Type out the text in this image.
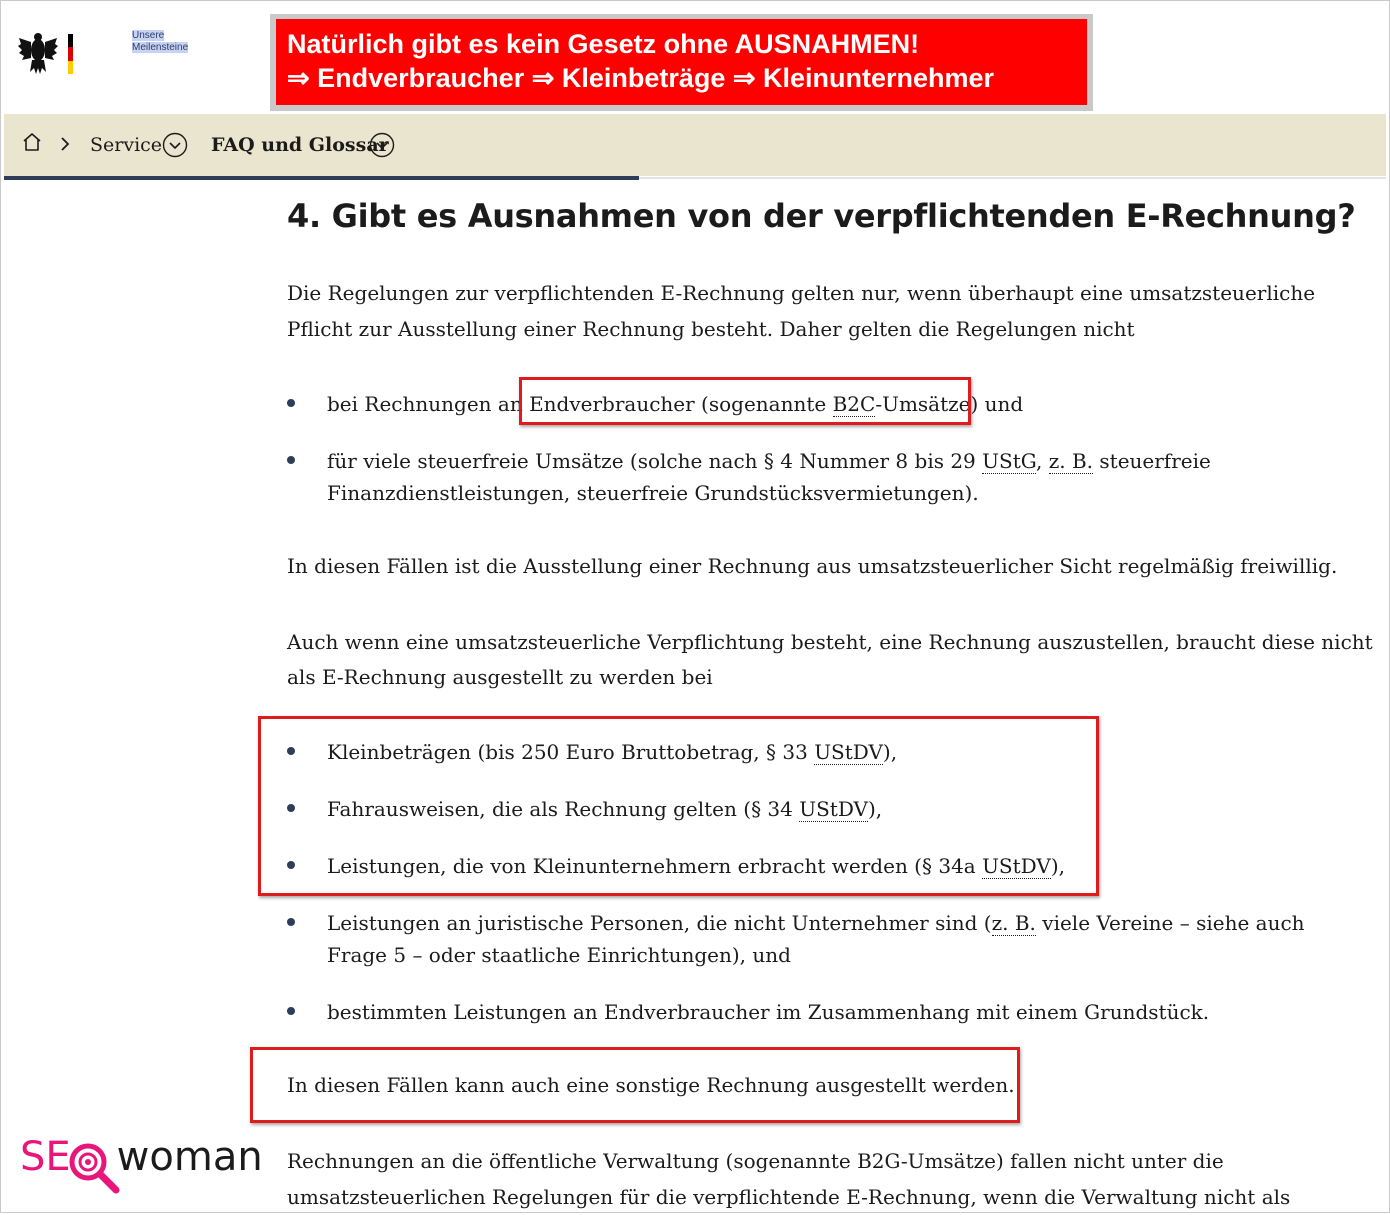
Unsere
Meilensteine	Natürlich gibt es kein Gesetz ohne AUSNAHMEN!
⇒ Endverbraucher ⇒ Kleinbeträge ⇒ Kleinunternehmer
Service	FAQ und Glossar
4. Gibt es Ausnahmen von der verpflichtenden E-Rechnung?
Die Regelungen zur verpflichtenden E-Rechnung gelten nur, wenn überhaupt eine umsatzsteuerliche
Pflicht zur Ausstellung einer Rechnung besteht. Daher gelten die Regelungen nicht
bei Rechnungen an Endverbraucher (sogenannte B2C-Umsätze) und
für viele steuerfreie Umsätze (solche nach § 4 Nummer 8 bis 29 UStG, z. B. steuerfreie
Finanzdienstleistungen, steuerfreie Grundstücksvermietungen).
In diesen Fällen ist die Ausstellung einer Rechnung aus umsatzsteuerlicher Sicht regelmäßig freiwillig.
Auch wenn eine umsatzsteuerliche Verpflichtung besteht, eine Rechnung auszustellen, braucht diese nicht
als E-Rechnung ausgestellt zu werden bei
Kleinbeträgen (bis 250 Euro Bruttobetrag, § 33 UStDV),
Fahrausweisen, die als Rechnung gelten (§ 34 UStDV),
Leistungen, die von Kleinunternehmern erbracht werden (§ 34a UStDV),
Leistungen an juristische Personen, die nicht Unternehmer sind (z. B. viele Vereine – siehe auch
Frage 5 – oder staatliche Einrichtungen), und
bestimmten Leistungen an Endverbraucher im Zusammenhang mit einem Grundstück.
In diesen Fällen kann auch eine sonstige Rechnung ausgestellt werden.
Rechnungen an die öffentliche Verwaltung (sogenannte B2G-Umsätze) fallen nicht unter die
umsatzsteuerlichen Regelungen für die verpflichtende E-Rechnung, wenn die Verwaltung nicht als
SE woman
